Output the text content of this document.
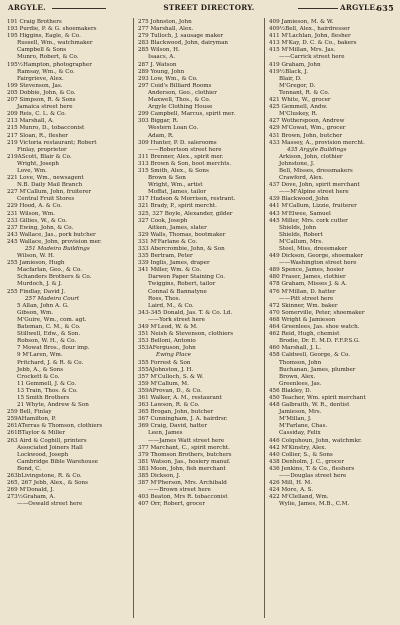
ARGYLE.	STREET DIRECTORY.	ARGYLE.
635
191 Craig Brothers
193 Purdie, P. & G. shoemakers
195 Higgins, Eagle, & Co.
Russell, Wm., watchmaker
Campbell & Sons
Munro, Robert, & Co.
195½Hampton, photographer
Ramsay, Wm., & Co.
Fairgrieve, Alex.
199 Stevenson, Jas.
205 Dobbie, John, & Co.
207 Simpson, R. & Sons
Jamaica street here
209 Reis, C. L. & Co.
213 Marshall, A.
215 Munro, D., tobacconist
217 Sloan, R., flesher
219 Victoria restaurant; Robert
Finlay, proprietor
219AScott, Blair & Co.
Wright, Joseph
Love, Wm.
221 Love, Wm., newsagent
N.B. Daily Mail Branch
227 M'Callum, John, fruiterer
Central Fruit Stores
229 Hood, A. & Co.
231 Wilson, Wm.
233 Gillies, W., & Co.
237 Ewing, John, & Co.
243 Wallace, Jas., pork butcher
245 Wallace, John, provision mer.
251 Madeira Buildings
Wilson, W. H.
255 Jamieson, Hugh
Macfarlan, Geo., & Co.
Schanders Brothers & Co.
Murdoch, J. & J.
255 Findlay, David J.
257 Madeira Court
5 Allan, John A. G.
Gibson, Wm.
M'Guire, Wm., com. agt.
Bateman, C. M., & Co.
Stillwell, Edw., & Son.
Robson, W. H., & Co.
7 Mowat Bros., flour imp.
9 M'Laren, Wm.
Pritchard, J. & R. & Co.
Jebb, A., & Sons
Crockett & Co.
11 Gemmell, J. & Co.
13 Train, Thos. & Co.
15 Smith Brothers
21 Whyte, Andrew & Son
259 Bell, Finlay
259AHamilton, P.
261ATerras & Thomson, clothiers
261BTaylor & Miller
263 Aird & Coghill, printers
Associated Joiners Hall
Lockwood, Joseph
Cambridge Bible Warehouse
Bond, C.
263bLivingstone, R. & Co.
265, 267 Jebb, Alex., & Sons
269 M'Donald, J.
273½Graham, A.
——Oswald street here
275 Johnston, John
277 Marshall, Alex.
279 Tulloch, J. sausage maker
283 Blackwood, John, dairyman
285 Wilson, H.
Isaacs, A.
287 J. Watson
289 Young, John
293 Low, Wm., & Co.
297 Coid's Billiard Rooms
Anderson, Geo., clothier
Maxwell, Thos., & Co.
Argyle Clothing House
299 Campbell, Marcus, spirit mer.
303 Biggar, R.
Western Loan Co.
Adam, R.
309 Hunter, P. D. salerooms
——Robertson street here
311 Brenner, Alex., spirit mer.
313 Brown & Son, boot merchts.
315 Smith, Alex., & Sons
Brown & Son
Wright, Wm., artist
Moffat, James, tailor
317 Hudson & Morrison, restrant.
321 Brady, P., spirit mercht.
325, 327 Boyle, Alexander, gilder
327 Cook, Joseph
Aitken, James, slater
329 Walls, Thomas, bootmaker
331 M'Farlane & Co.
333 Abercrombie, John, & Son
335 Bertram, Peter
339 Inglis, James, draper
341 Miller, Wm. & Co.
Darwen Paper Staining Co.
Twiggins, Robert, tailor
Connal & Bannatyne
Ross, Thos.
Laird, M., & Co.
343-345 Donald, Jas. T. & Co. Ld.
——York street here
349 M'Leod, W. & M.
351 Neish & Stevenson, clothiers
353 Belloni, Antonio
353AFerguson, John
Ewing Place
355 Forrest & Son
355AJohnston, J. H.
357 M'Culloch, S. & W.
359 M'Callum, M.
359AProvan, D., & Co.
361 Walker, A. M., restaurant
363 Lawson, R. & Co.
365 Brogan, John, butcher
367 Cunningham, J. A. hairdrsr.
369 Craig, David, hatter
Leen, James
——James Watt street here
377 Marchant, C., spirit mercht.
379 Thomson Brothers, butchers
381 Watson, Jas., hosiery manuf.
383 Moon, John, fish merchant
385 Dickson, J.
387 M'Pherson, Mrs. Archibald
——Brown street here
403 Beaton, Mrs R. tobacconist
407 Orr, Robert, grocer
409 Jamieson, M. & W.
409½Bell, Alex., hairdresser
411 M'Lachlan, John, flesher
413 M'Kay, D. C. & Co., bakers
415 M'Millan, Mrs. Jas.
——Carrick street here
419 Graham, John
419½Black, J.
Blair, D.
M'Gregor, D.
Tennant, R. & Co.
421 White, W., grocer
425 Gemmell, Andw.
M'Cluskey, R.
427 Wotherspoon, Andrew
429 M'Cowat, Wm., grocer
431 Brown, John, butcher
433 Massey, A., provision mercht.
435 Argyle Buildings
Arkison, John, clothier
Johnstone, J.
Bell, Misses, dressmakers
Crawford, Alex.
437 Dove, John, spirit merchant
——M'Alpine street here
439 Blackwood, John
441 M'Callum, Lizzie, fruiterer
443 M'Elwee, Samuel
445 Miller, Mrs. cork cutter
Shields, John
Shields, Robert
M'Callum, Mrs.
Steel, Miss, dressmaker
449 Dickson, George, shoemaker
——Washington street here
489 Spence, James, hosier
480 Fraser, James, clothier
478 Graham, Misses J. & A.
476 M'Millan, D. hatter
——Pitt street here
472 Skinner, Wm. baker
470 Somerville, Peter, shoemaker
468 Wright & Jamieson
464 Greenlees, Jas. shoe watch.
462 Reid, Hugh, chemist
Brodie, Dr. E. M.D. F.F.P.S.G.
460 Marshall, J. L.
458 Caldwell, George, & Co.
Thomson, John
Buchanan, James, plumber
Brown, Alex.
Greenlees, Jas.
456 Blakley, D.
450 Teacher, Wm. spirit merchant
448 Galbraith, W. R., dentist
Jamieson, Mrs.
M'Millan, J.
M'Farlane, Chas.
Cassiday, Felix
446 Colquhoun, John, watchmkr.
442 M'Kinstry, Alex.
440 Collier, S., & Sons
438 Denholm, J. C., grocer
436 Jenkins, T. & Co., fleshers
——Douglas street here
426 Mill, H. M.
424 More, A. S.
422 M'Clelland, Wm.
Wylie, James, M.B., C.M.
